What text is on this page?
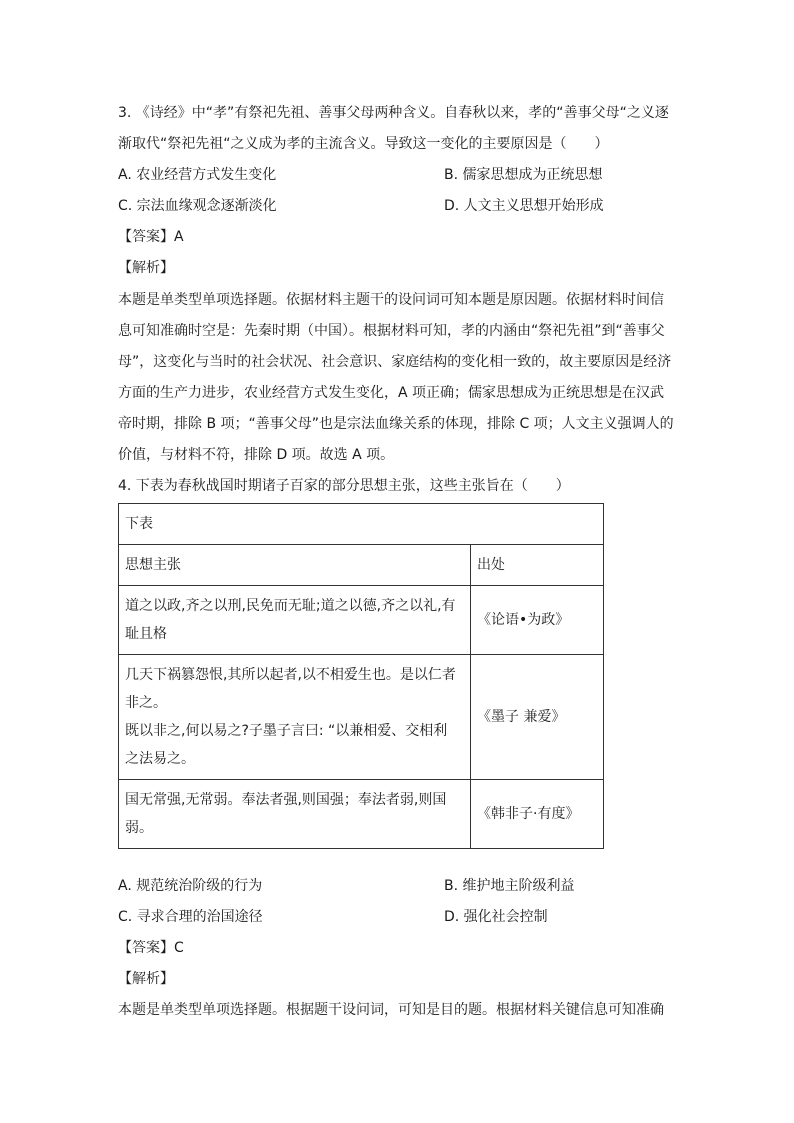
3. 《诗经》中“孝”有祭祀先祖、善事父母两种含义。自春秋以来，孝的“善事父母“之义逐
渐取代“祭祀先祖“之义成为孝的主流含义。导致这一变化的主要原因是（　　）
A. 农业经营方式发生变化	B. 儒家思想成为正统思想
C. 宗法血缘观念逐渐淡化	D. 人文主义思想开始形成
【答案】A
【解析】
本题是单类型单项选择题。依据材料主题干的设问词可知本题是原因题。依据材料时间信
息可知准确时空是：先秦时期（中国）。根据材料可知，孝的内涵由“祭祀先祖”到“善事父
母”，这变化与当时的社会状况、社会意识、家庭结构的变化相一致的，故主要原因是经济
方面的生产力进步，农业经营方式发生变化，A 项正确；儒家思想成为正统思想是在汉武
帝时期，排除 B 项；“善事父母”也是宗法血缘关系的体现，排除 C 项；人文主义强调人的
价值，与材料不符，排除 D 项。故选 A 项。
4. 下表为春秋战国时期诸子百家的部分思想主张，这些主张旨在（　　）
下表	
思想主张	出处

道之以政,齐之以刑,民免而无耻;道之以德,齐之以礼,有
耻且格	《论语•为政》

几天下祸篡怨恨,其所以起者,以不相爱生也。是以仁者
非之。
既以非之,何以易之?子墨子言曰: “以兼相爱、交相利
之法易之。	《墨子 兼爱》

国无常强,无常弱。奉法者强,则国强；奉法者弱,则国
弱。	《韩非子·有度》
A. 规范统治阶级的行为	B. 维护地主阶级利益
C. 寻求合理的治国途径	D. 强化社会控制
【答案】C
【解析】
本题是单类型单项选择题。根据题干设问词，可知是目的题。根据材料关键信息可知准确
